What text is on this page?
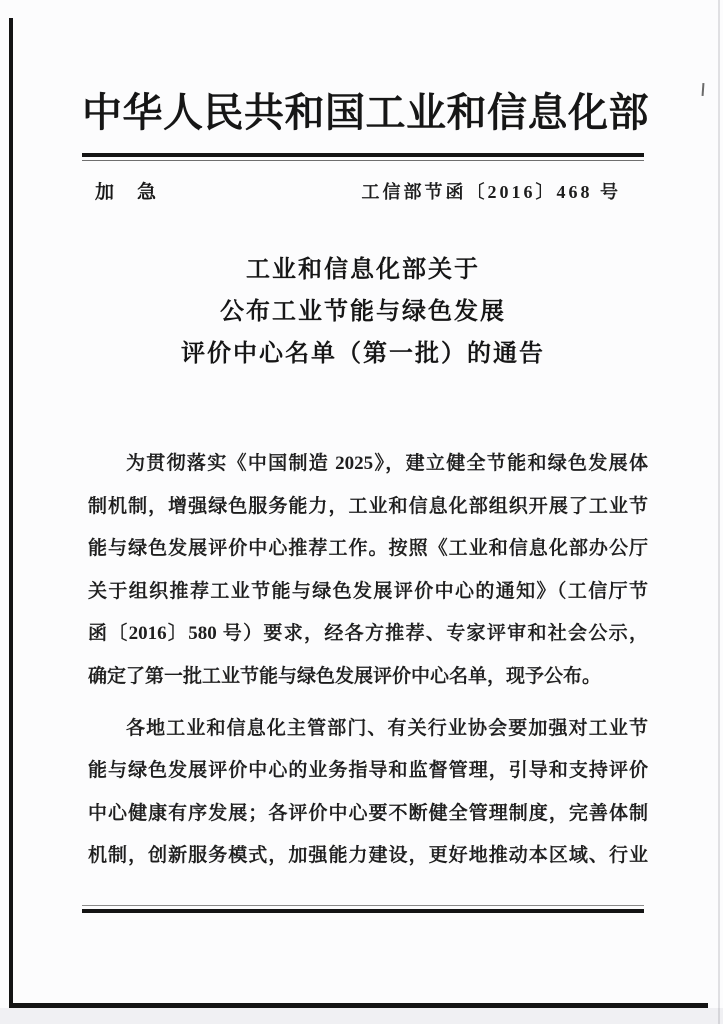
中华人民共和国工业和信息化部
加　急	工信部节函〔2016〕468 号
工业和信息化部关于
公布工业节能与绿色发展
评价中心名单（第一批）的通告
为贯彻落实《中国制造 2025》，建立健全节能和绿色发展体
制机制，增强绿色服务能力，工业和信息化部组织开展了工业节
能与绿色发展评价中心推荐工作。按照《工业和信息化部办公厅
关于组织推荐工业节能与绿色发展评价中心的通知》（工信厅节
函〔2016〕580 号）要求，经各方推荐、专家评审和社会公示，
确定了第一批工业节能与绿色发展评价中心名单，现予公布。
各地工业和信息化主管部门、有关行业协会要加强对工业节
能与绿色发展评价中心的业务指导和监督管理，引导和支持评价
中心健康有序发展；各评价中心要不断健全管理制度，完善体制
机制，创新服务模式，加强能力建设，更好地推动本区域、行业
